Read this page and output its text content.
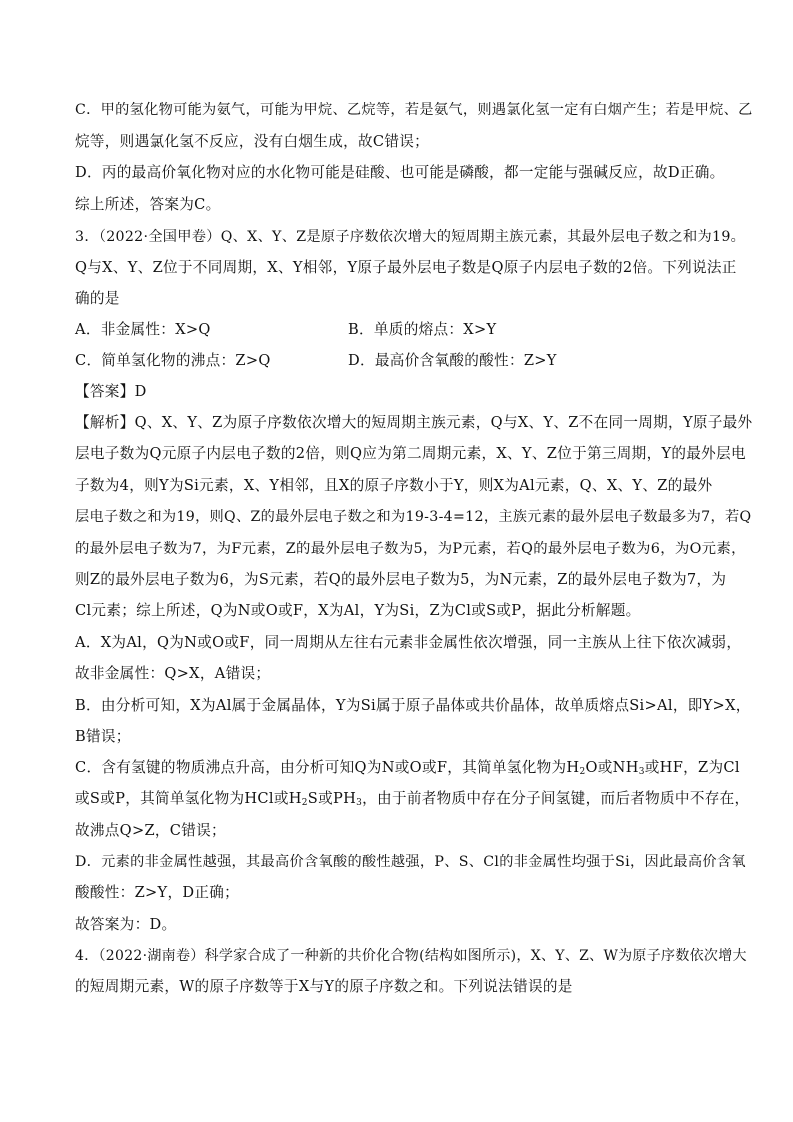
C．甲的氢化物可能为氨气，可能为甲烷、乙烷等，若是氨气，则遇氯化氢一定有白烟产生；若是甲烷、乙
烷等，则遇氯化氢不反应，没有白烟生成，故C错误；
D．丙的最高价氧化物对应的水化物可能是硅酸、也可能是磷酸，都一定能与强碱反应，故D正确。
综上所述，答案为C。
3．（2022·全国甲卷）Q、X、Y、Z是原子序数依次增大的短周期主族元素，其最外层电子数之和为19。
Q与X、Y、Z位于不同周期，X、Y相邻，Y原子最外层电子数是Q原子内层电子数的2倍。下列说法正
确的是
A．非金属性：X>Q	B．单质的熔点：X>Y
C．简单氢化物的沸点：Z>Q	D．最高价含氧酸的酸性：Z>Y
【答案】D
【解析】Q、X、Y、Z为原子序数依次增大的短周期主族元素，Q与X、Y、Z不在同一周期，Y原子最外
层电子数为Q元原子内层电子数的2倍，则Q应为第二周期元素，X、Y、Z位于第三周期，Y的最外层电
子数为4，则Y为Si元素，X、Y相邻，且X的原子序数小于Y，则X为Al元素，Q、X、Y、Z的最外
层电子数之和为19，则Q、Z的最外层电子数之和为19-3-4=12，主族元素的最外层电子数最多为7，若Q
的最外层电子数为7，为F元素，Z的最外层电子数为5，为P元素，若Q的最外层电子数为6，为O元素，
则Z的最外层电子数为6，为S元素，若Q的最外层电子数为5，为N元素，Z的最外层电子数为7，为
Cl元素；综上所述，Q为N或O或F，X为Al，Y为Si，Z为Cl或S或P，据此分析解题。
A．X为Al，Q为N或O或F，同一周期从左往右元素非金属性依次增强，同一主族从上往下依次减弱，
故非金属性：Q>X，A错误；
B．由分析可知，X为Al属于金属晶体，Y为Si属于原子晶体或共价晶体，故单质熔点Si>Al，即Y>X，
B错误；
C．含有氢键的物质沸点升高，由分析可知Q为N或O或F，其简单氢化物为$H_2O$或$NH_3$或HF，Z为Cl
或S或P，其简单氢化物为HCl或$H_2S$或$PH_3$，由于前者物质中存在分子间氢键，而后者物质中不存在，
故沸点Q>Z，C错误；
D．元素的非金属性越强，其最高价含氧酸的酸性越强，P、S、Cl的非金属性均强于Si，因此最高价含氧
酸酸性：Z>Y，D正确；
故答案为：D。
4．（2022·湖南卷）科学家合成了一种新的共价化合物(结构如图所示)，X、Y、Z、W为原子序数依次增大
的短周期元素，W的原子序数等于X与Y的原子序数之和。下列说法错误的是
